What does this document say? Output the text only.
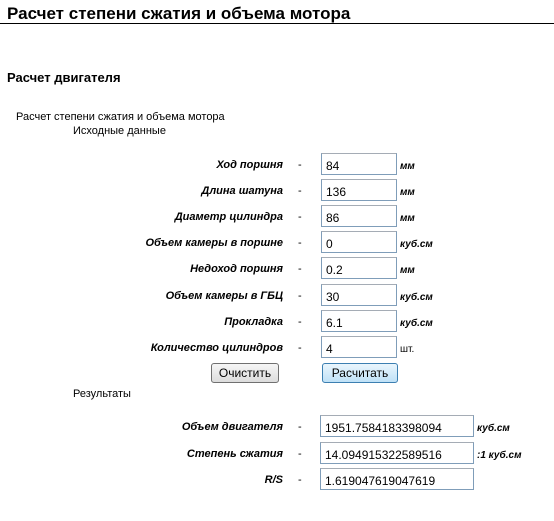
Расчет степени сжатия и объема мотора
Расчет двигателя
Расчет степени сжатия и объема мотора
Исходные данные
Ход поршня -
84	мм
Длина шатуна -
136	мм
Диаметр цилиндра -
86	мм
Объем камеры в поршне -
0	куб.см
Недоход поршня -
0.2	мм
Объем камеры в ГБЦ -
30	куб.см
Прокладка -
6.1	куб.см
Количество цилиндров -
4	шт.
Очистить	Расчитать
Результаты
Объем двигателя -
1951.7584183398094	куб.см
Степень сжатия -
14.094915322589516	:1 куб.см
R/S -
1.619047619047619
